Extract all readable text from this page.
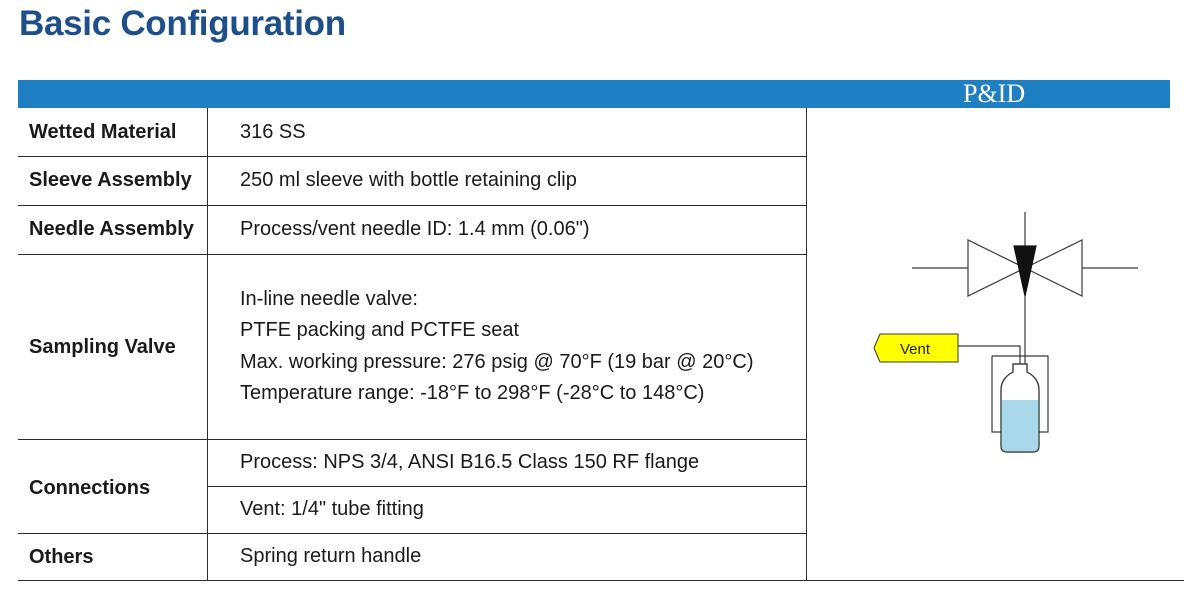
Basic Configuration
P&ID
Wetted Material	316 SS
Sleeve Assembly 250 ml sleeve with bottle retaining clip
Needle Assembly Process/vent needle ID: 1.4 mm (0.06")
Sampling Valve
In-line needle valve:
PTFE packing and PCTFE seat
Max. working pressure: 276 psig @ 70°F (19 bar @ 20°C)
Temperature range: -18°F to 298°F (-28°C to 148°C)
Connections
Process: NPS 3/4, ANSI B16.5 Class 150 RF flange
Vent: 1/4" tube fitting
Others	Spring return handle
Vent
